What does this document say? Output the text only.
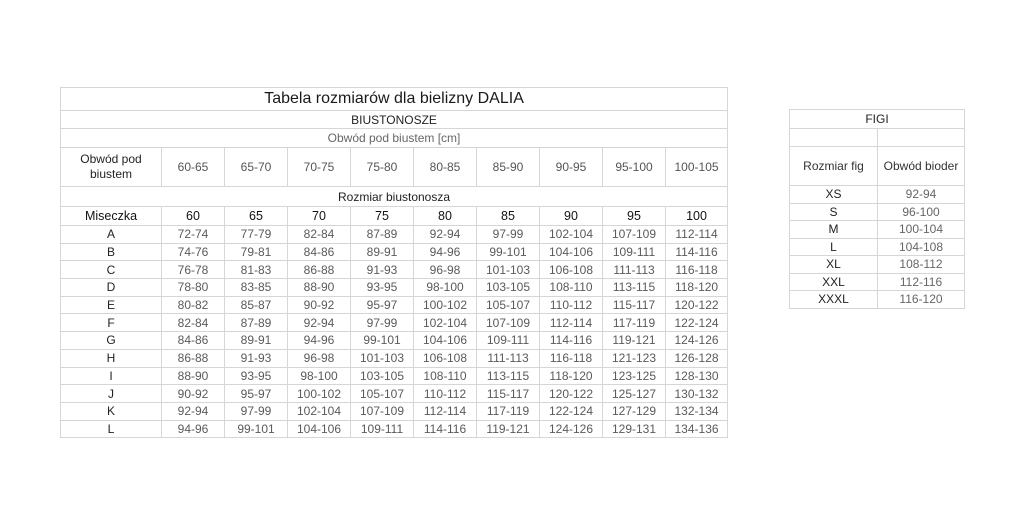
Tabela rozmiarów dla bielizny DALIA									
BIUSTONOSZE									
Obwód pod biustem [cm]									
Obwód pod biustem	60-65	65-70	70-75	75-80	80-85	85-90	90-95	95-100	100-105
Rozmiar biustonosza									
Miseczka	60	65	70	75	80	85	90	95	100
A	72-74	77-79	82-84	87-89	92-94	97-99	102-104	107-109	112-114
B	74-76	79-81	84-86	89-91	94-96	99-101	104-106	109-111	114-116
C	76-78	81-83	86-88	91-93	96-98	101-103	106-108	111-113	116-118
D	78-80	83-85	88-90	93-95	98-100	103-105	108-110	113-115	118-120
E	80-82	85-87	90-92	95-97	100-102	105-107	110-112	115-117	120-122
F	82-84	87-89	92-94	97-99	102-104	107-109	112-114	117-119	122-124
G	84-86	89-91	94-96	99-101	104-106	109-111	114-116	119-121	124-126
H	86-88	91-93	96-98	101-103	106-108	111-113	116-118	121-123	126-128
I	88-90	93-95	98-100	103-105	108-110	113-115	118-120	123-125	128-130
J	90-92	95-97	100-102	105-107	110-112	115-117	120-122	125-127	130-132
K	92-94	97-99	102-104	107-109	112-114	117-119	122-124	127-129	132-134
L	94-96	99-101	104-106	109-111	114-116	119-121	124-126	129-131	134-136
FIGI	

Rozmiar fig	Obwód bioder
XS	92-94
S	96-100
M	100-104
L	104-108
XL	108-112
XXL	112-116
XXXL	116-120
